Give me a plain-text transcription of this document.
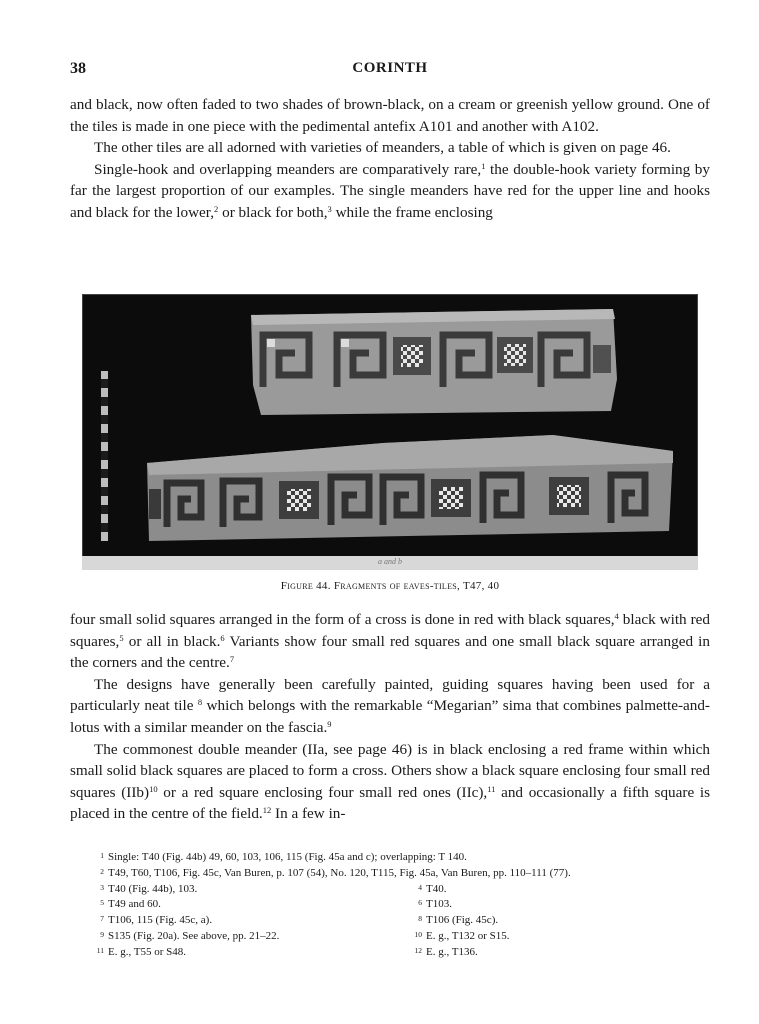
38	CORINTH

and black, now often faded to two shades of brown-black, on a cream or greenish yellow ground. One of the tiles is made in one piece with the pedimental antefix A101 and another with A102.

The other tiles are all adorned with varieties of meanders, a table of which is given on page 46.

Single-hook and overlapping meanders are comparatively rare,$^1$ the double-hook variety forming by far the largest proportion of our examples. The single meanders have red for the upper line and hooks and black for the lower,$^2$ or black for both,$^3$ while the frame enclosing

a and b
Figure 44. Fragments of eaves-tiles, T47, 40

four small solid squares arranged in the form of a cross is done in red with black squares,$^4$ black with red squares,$^5$ or all in black.$^6$ Variants show four small red squares and one small black square arranged in the corners and the centre.$^7$

The designs have generally been carefully painted, guiding squares having been used for a particularly neat tile $^8$ which belongs with the remarkable “Megarian” sima that combines palmette-and-lotus with a similar meander on the fascia.$^9$

The commonest double meander (IIa, see page 46) is in black enclosing a red frame within which small solid black squares are placed to form a cross. Others show a black square enclosing four small red squares (IIb)$^{10}$ or a red square enclosing four small red ones (IIc),$^{11}$ and occasionally a fifth square is placed in the centre of the field.$^{12}$ In a few in-

1 Single: T40 (Fig. 44b) 49, 60, 103, 106, 115 (Fig. 45a and c); overlapping: T 140.
2 T49, T60, T106, Fig. 45c, Van Buren, p. 107 (54), No. 120, T115, Fig. 45a, Van Buren, pp. 110–111 (77).
3 T40 (Fig. 44b), 103.	4 T40.
5 T49 and 60.	6 T103.
7 T106, 115 (Fig. 45c, a).	8 T106 (Fig. 45c).
9 S135 (Fig. 20a). See above, pp. 21–22.	10 E. g., T132 or S15.
11 E. g., T55 or S48.	12 E. g., T136.
